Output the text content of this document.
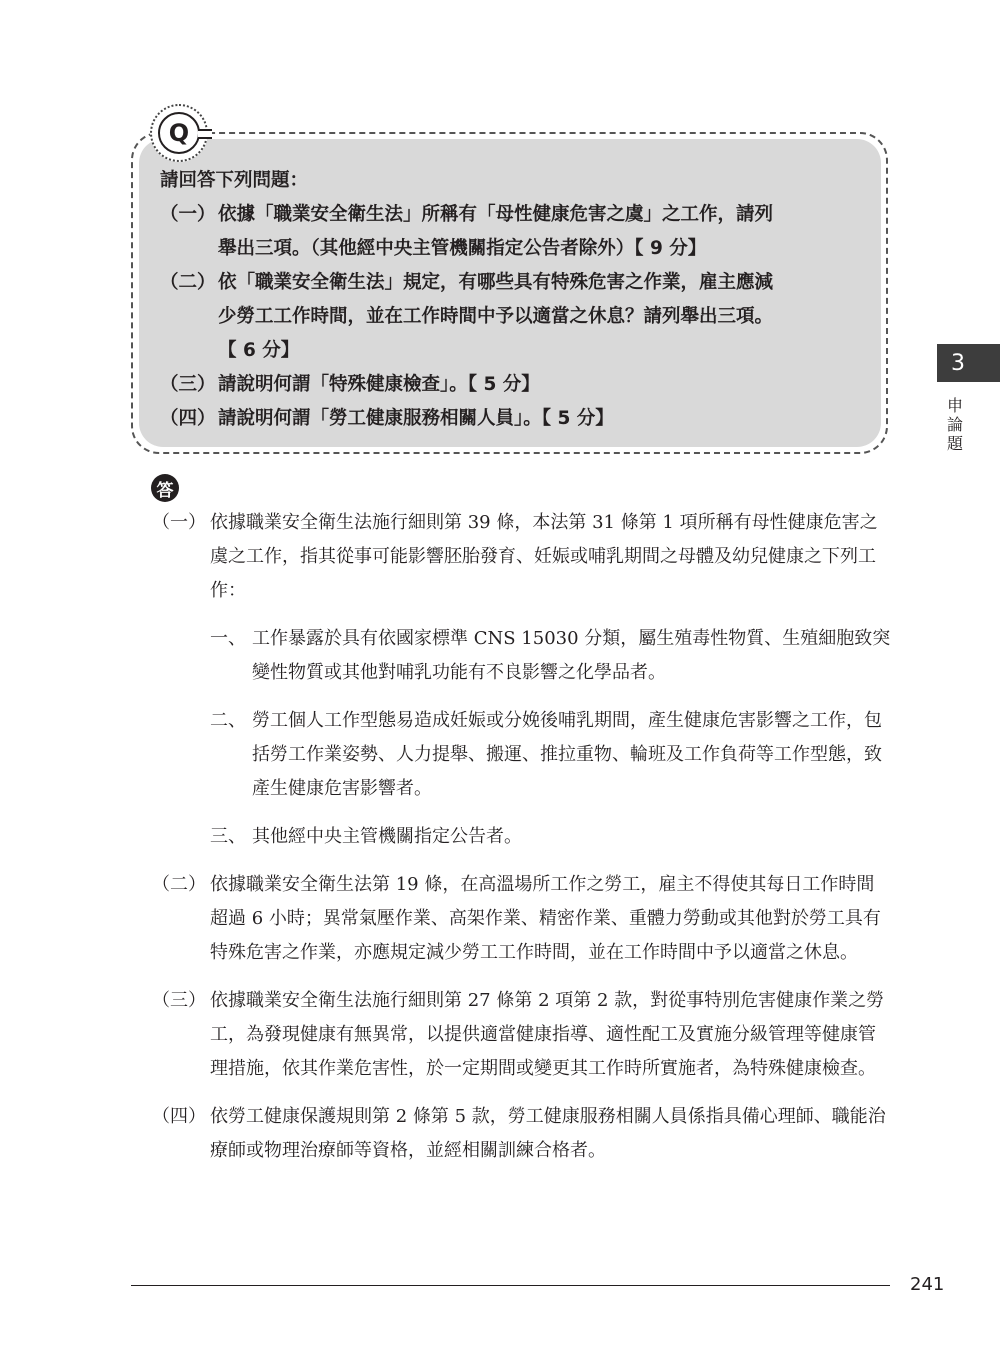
Q
請回答下列問題：
（一） 依據「職業安全衛生法」所稱有「母性健康危害之虞」之工作，請列
舉出三項。（其他經中央主管機關指定公告者除外）【 9 分】
（二） 依「職業安全衛生法」規定，有哪些具有特殊危害之作業，雇主應減
少勞工工作時間，並在工作時間中予以適當之休息？請列舉出三項。
【 6 分】
（三） 請說明何謂「特殊健康檢查」。【 5 分】
（四） 請說明何謂「勞工健康服務相關人員」。【 5 分】
答
（一） 依據職業安全衛生法施行細則第 39 條，本法第 31 條第 1 項所稱有母性健康危害之虞之工作，指其從事可能影響胚胎發育、妊娠或哺乳期間之母體及幼兒健康之下列工作：
一、 工作暴露於具有依國家標準 CNS 15030 分類，屬生殖毒性物質、生殖細胞致突變性物質或其他對哺乳功能有不良影響之化學品者。
二、 勞工個人工作型態易造成妊娠或分娩後哺乳期間，產生健康危害影響之工作，包括勞工作業姿勢、人力提舉、搬運、推拉重物、輪班及工作負荷等工作型態，致產生健康危害影響者。
三、 其他經中央主管機關指定公告者。
（二） 依據職業安全衛生法第 19 條，在高溫場所工作之勞工，雇主不得使其每日工作時間超過 6 小時；異常氣壓作業、高架作業、精密作業、重體力勞動或其他對於勞工具有特殊危害之作業，亦應規定減少勞工工作時間，並在工作時間中予以適當之休息。
（三） 依據職業安全衛生法施行細則第 27 條第 2 項第 2 款，對從事特別危害健康作業之勞工，為發現健康有無異常，以提供適當健康指導、適性配工及實施分級管理等健康管理措施，依其作業危害性，於一定期間或變更其工作時所實施者，為特殊健康檢查。
（四） 依勞工健康保護規則第 2 條第 5 款，勞工健康服務相關人員係指具備心理師、職能治療師或物理治療師等資格，並經相關訓練合格者。
3
申論題
241
